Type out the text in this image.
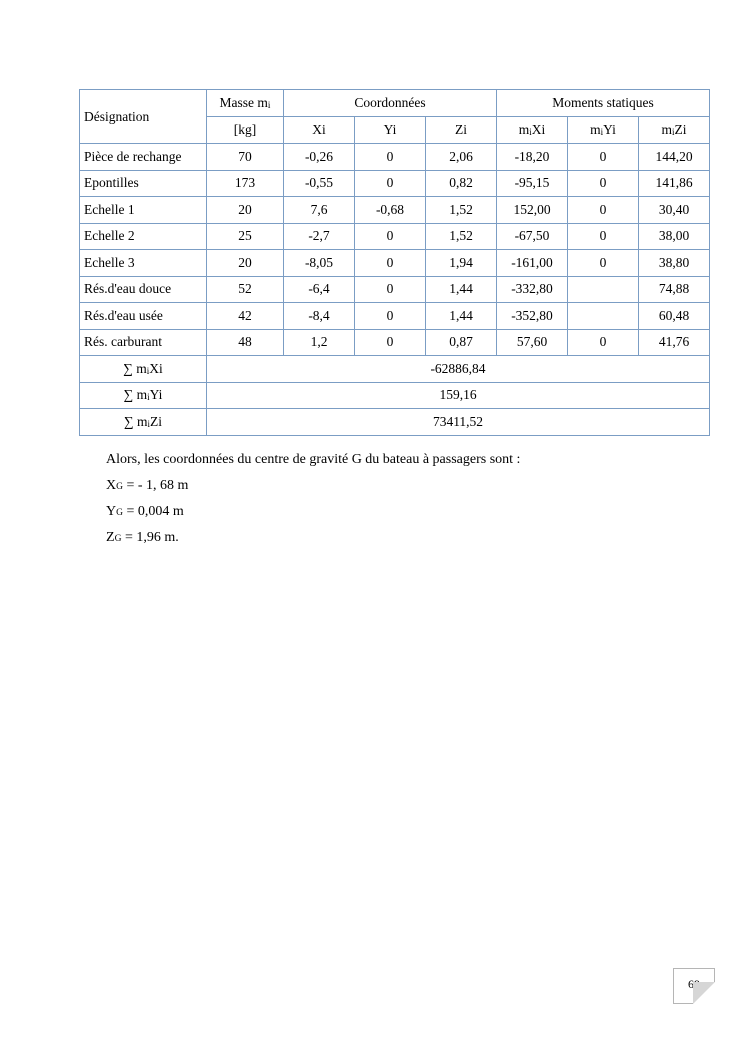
Désignation	Masse $m_i$	Coordonnées			Moments statiques		
	[kg]	Xi	Yi	Zi	$m_iXi$	$m_iYi$	$m_iZi$
Pièce de rechange	70	-0,26	0	2,06	-18,20	0	144,20
Epontilles	173	-0,55	0	0,82	-95,15	0	141,86
Echelle 1	20	7,6	-0,68	1,52	152,00	0	30,40
Echelle 2	25	-2,7	0	1,52	-67,50	0	38,00
Echelle 3	20	-8,05	0	1,94	-161,00	0	38,80
Rés.d'eau douce	52	-6,4	0	1,44	-332,80		74,88
Rés.d'eau usée	42	-8,4	0	1,44	-352,80		60,48
Rés. carburant	48	1,2	0	0,87	57,60	0	41,76
∑ $m_iXi$	-62886,84						
∑ $m_iYi$	159,16						
∑ $m_iZi$	73411,52						

Alors, les coordonnées du centre de gravité G du bateau à passagers sont :

XG = - 1, 68 m

YG = 0,004 m

ZG = 1,96 m.

69
